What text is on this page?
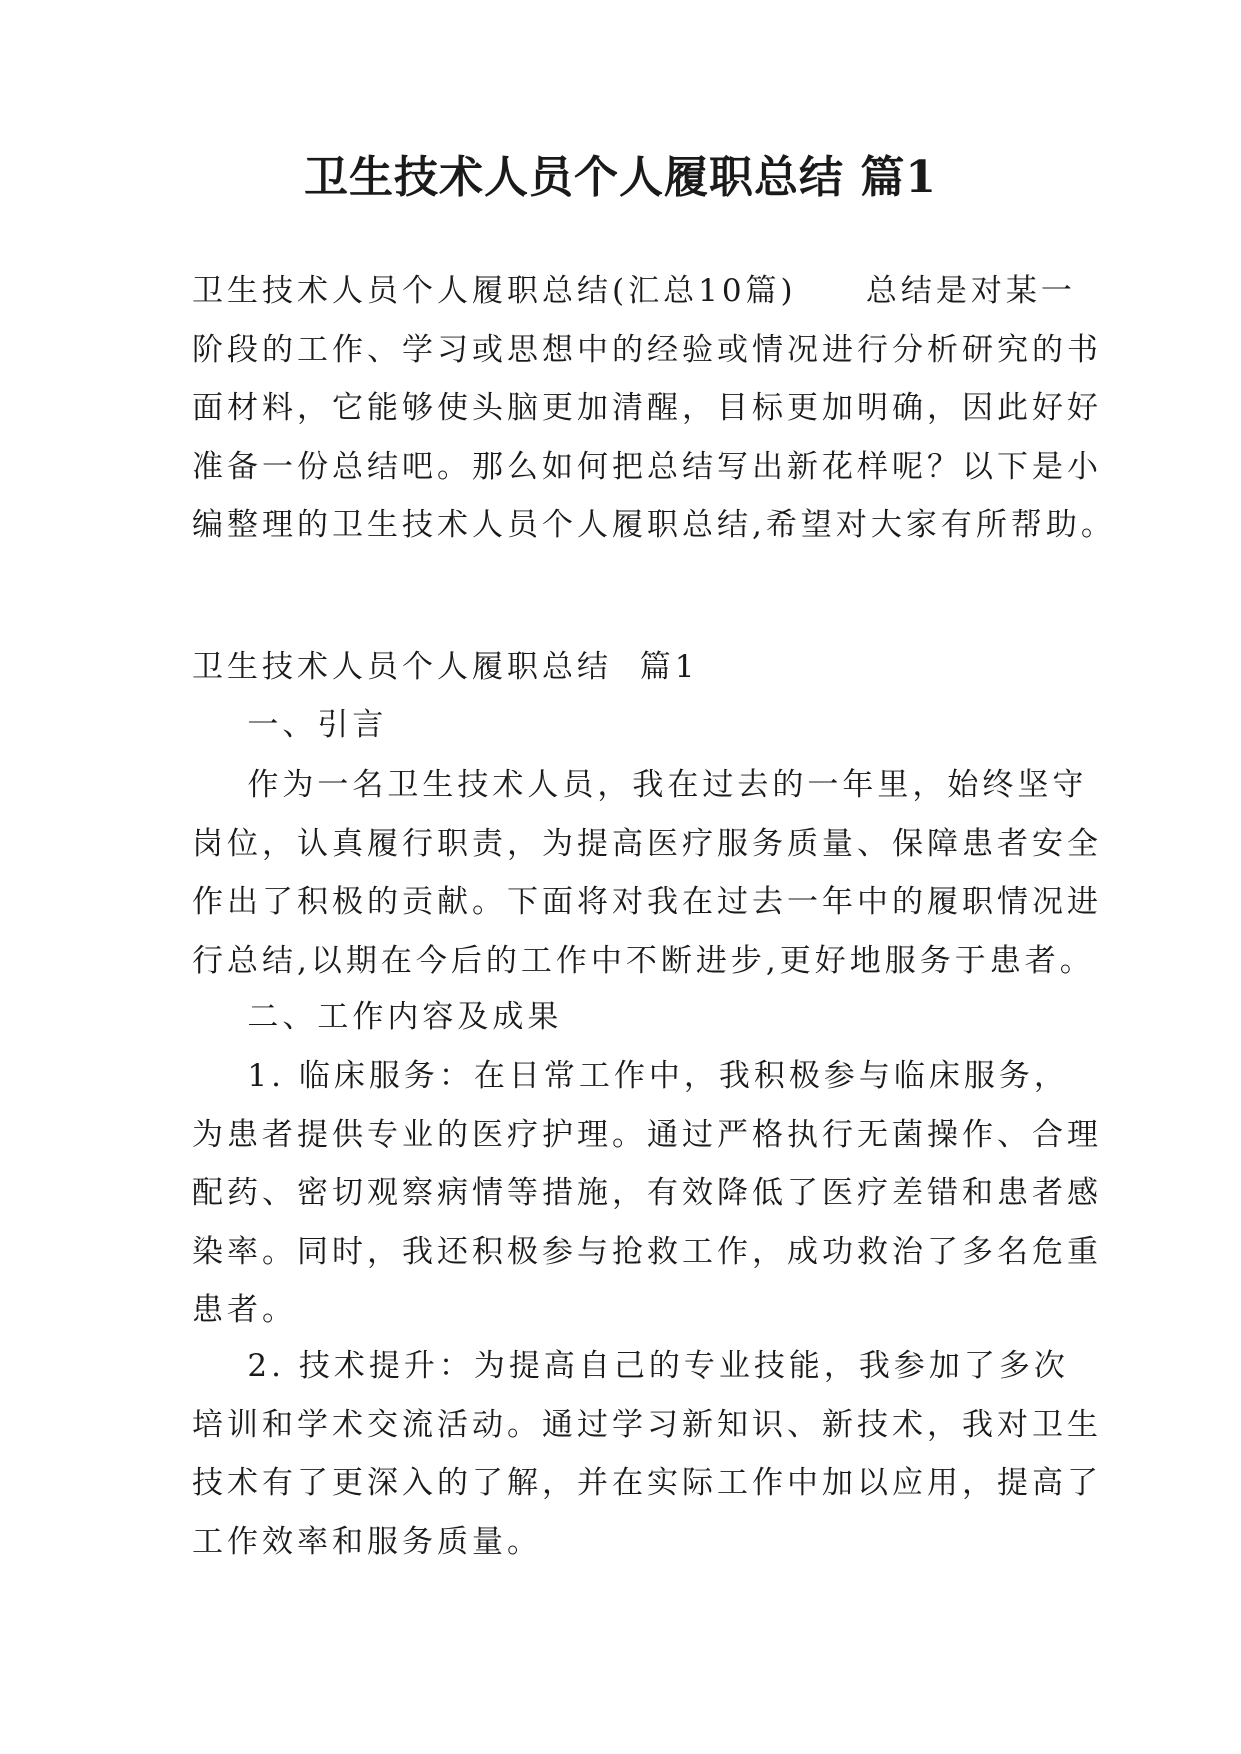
卫生技术人员个人履职总结 篇1

卫生技术人员个人履职总结(汇总10篇)     总结是对某一
阶段的工作、学习或思想中的经验或情况进行分析研究的书
面材料，它能够使头脑更加清醒，目标更加明确，因此好好
准备一份总结吧。那么如何把总结写出新花样呢？以下是小
编整理的卫生技术人员个人履职总结,希望对大家有所帮助。

卫生技术人员个人履职总结  篇1

一、引言

作为一名卫生技术人员，我在过去的一年里，始终坚守
岗位，认真履行职责，为提高医疗服务质量、保障患者安全
作出了积极的贡献。下面将对我在过去一年中的履职情况进
行总结,以期在今后的工作中不断进步,更好地服务于患者。

二、工作内容及成果

1. 临床服务：在日常工作中，我积极参与临床服务，
为患者提供专业的医疗护理。通过严格执行无菌操作、合理
配药、密切观察病情等措施，有效降低了医疗差错和患者感
染率。同时，我还积极参与抢救工作，成功救治了多名危重
患者。

2. 技术提升：为提高自己的专业技能，我参加了多次
培训和学术交流活动。通过学习新知识、新技术，我对卫生
技术有了更深入的了解，并在实际工作中加以应用，提高了
工作效率和服务质量。
